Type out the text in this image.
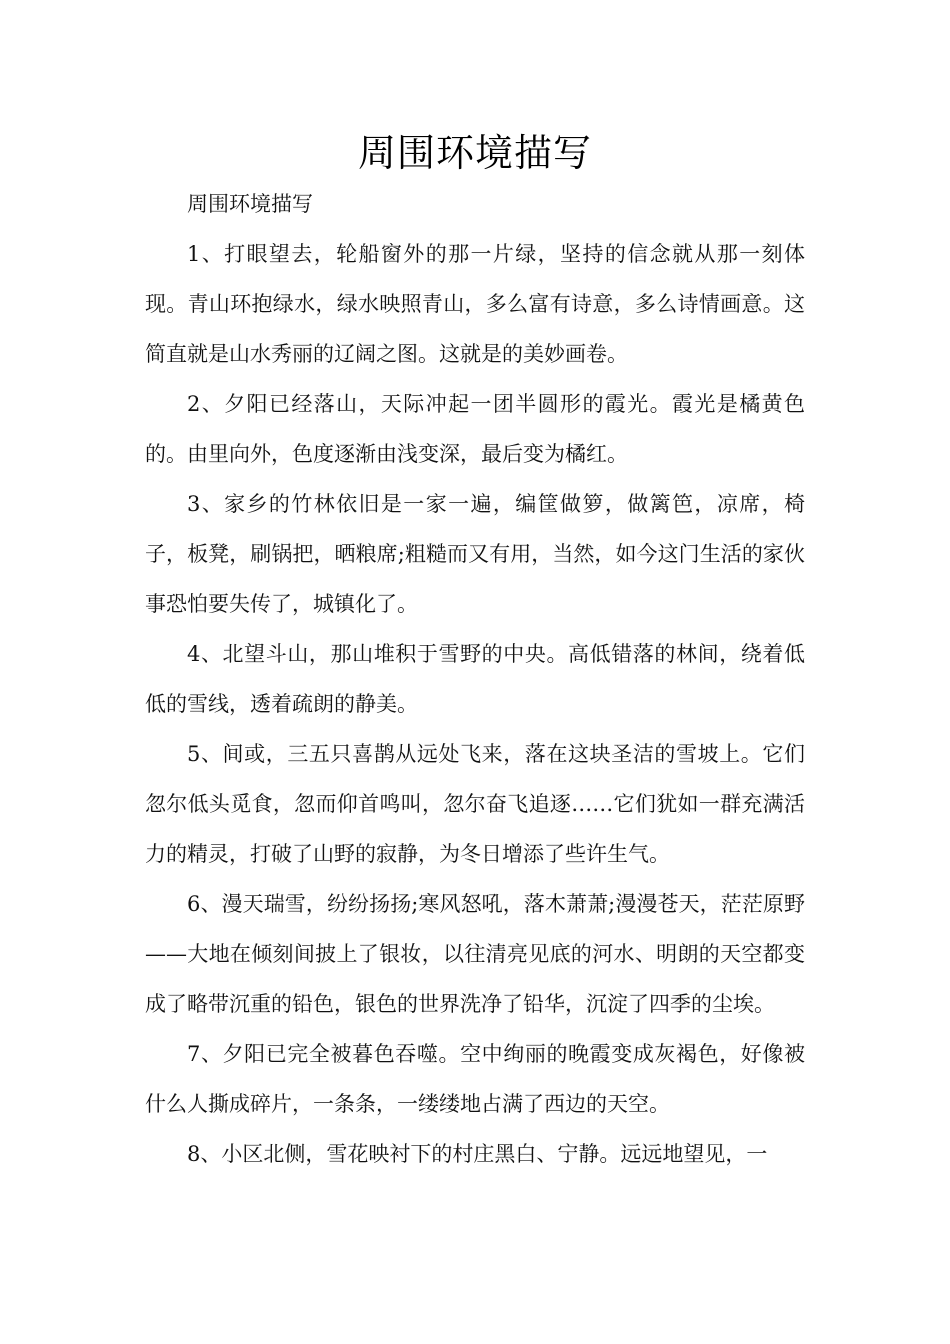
周围环境描写

周围环境描写

1、打眼望去，轮船窗外的那一片绿，坚持的信念就从那一刻体现。青山环抱绿水，绿水映照青山，多么富有诗意，多么诗情画意。这简直就是山水秀丽的辽阔之图。这就是的美妙画卷。

2、夕阳已经落山，天际冲起一团半圆形的霞光。霞光是橘黄色的。由里向外，色度逐渐由浅变深，最后变为橘红。

3、家乡的竹林依旧是一家一遍，编筐做箩，做篱笆，凉席，椅子，板凳，刷锅把，晒粮席;粗糙而又有用，当然，如今这门生活的家伙事恐怕要失传了，城镇化了。

4、北望斗山，那山堆积于雪野的中央。高低错落的林间，绕着低低的雪线，透着疏朗的静美。

5、间或，三五只喜鹊从远处飞来，落在这块圣洁的雪坡上。它们忽尔低头觅食，忽而仰首鸣叫，忽尔奋飞追逐……它们犹如一群充满活力的精灵，打破了山野的寂静，为冬日增添了些许生气。

6、漫天瑞雪，纷纷扬扬;寒风怒吼，落木萧萧;漫漫苍天，茫茫原野——大地在倾刻间披上了银妆，以往清亮见底的河水、明朗的天空都变成了略带沉重的铅色，银色的世界洗净了铅华，沉淀了四季的尘埃。

7、夕阳已完全被暮色吞噬。空中绚丽的晚霞变成灰褐色，好像被什么人撕成碎片，一条条，一缕缕地占满了西边的天空。

8、小区北侧，雪花映衬下的村庄黑白、宁静。远远地望见，一
